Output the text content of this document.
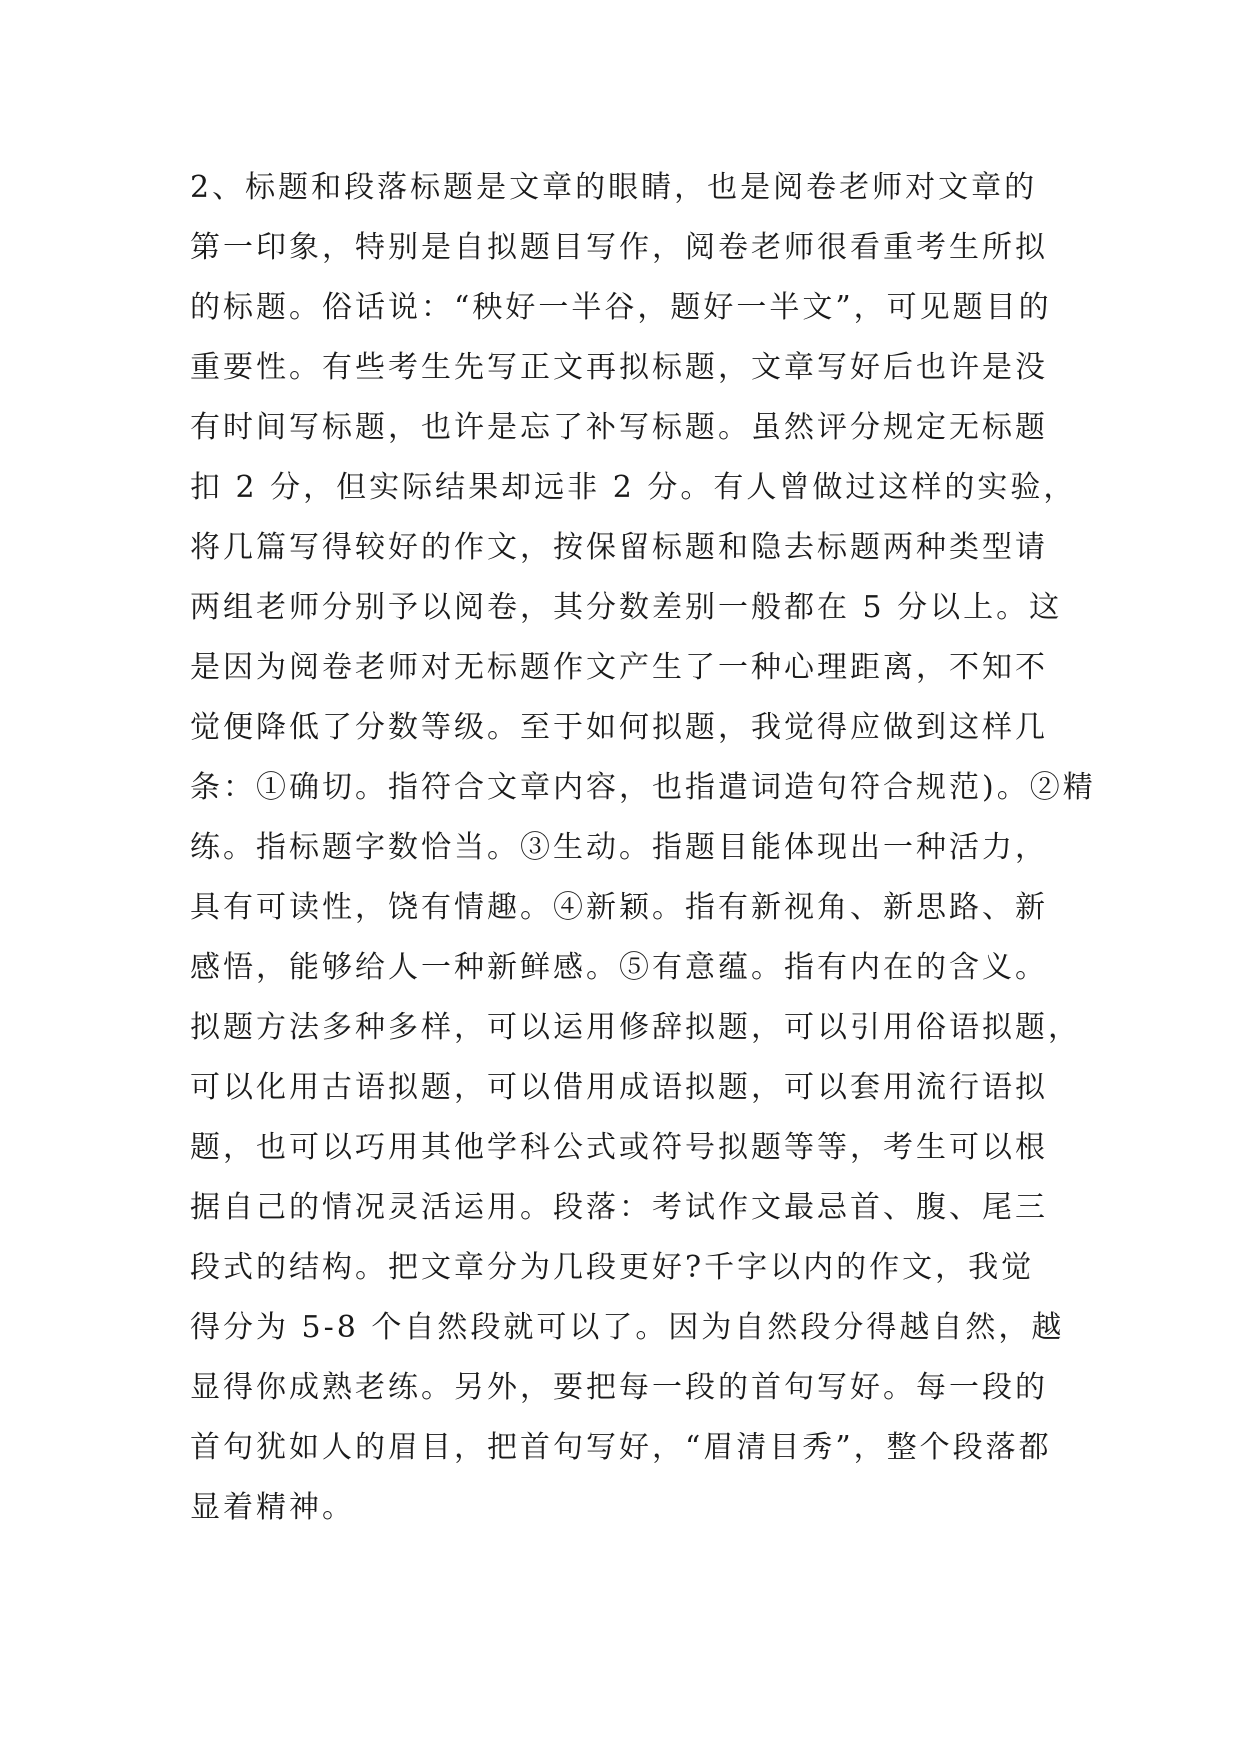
2、标题和段落标题是文章的眼睛，也是阅卷老师对文章的
第一印象，特别是自拟题目写作，阅卷老师很看重考生所拟
的标题。俗话说：“秧好一半谷，题好一半文”，可见题目的
重要性。有些考生先写正文再拟标题，文章写好后也许是没
有时间写标题，也许是忘了补写标题。虽然评分规定无标题
扣 2 分，但实际结果却远非 2 分。有人曾做过这样的实验，
将几篇写得较好的作文，按保留标题和隐去标题两种类型请
两组老师分别予以阅卷，其分数差别一般都在 5 分以上。这
是因为阅卷老师对无标题作文产生了一种心理距离，不知不
觉便降低了分数等级。至于如何拟题，我觉得应做到这样几
条：①确切。指符合文章内容，也指遣词造句符合规范)。②精
练。指标题字数恰当。③生动。指题目能体现出一种活力，
具有可读性，饶有情趣。④新颖。指有新视角、新思路、新
感悟，能够给人一种新鲜感。⑤有意蕴。指有内在的含义。
拟题方法多种多样，可以运用修辞拟题，可以引用俗语拟题，
可以化用古语拟题，可以借用成语拟题，可以套用流行语拟
题，也可以巧用其他学科公式或符号拟题等等，考生可以根
据自己的情况灵活运用。段落：考试作文最忌首、腹、尾三
段式的结构。把文章分为几段更好?千字以内的作文，我觉
得分为 5-8 个自然段就可以了。因为自然段分得越自然，越
显得你成熟老练。另外，要把每一段的首句写好。每一段的
首句犹如人的眉目，把首句写好，“眉清目秀”，整个段落都
显着精神。
